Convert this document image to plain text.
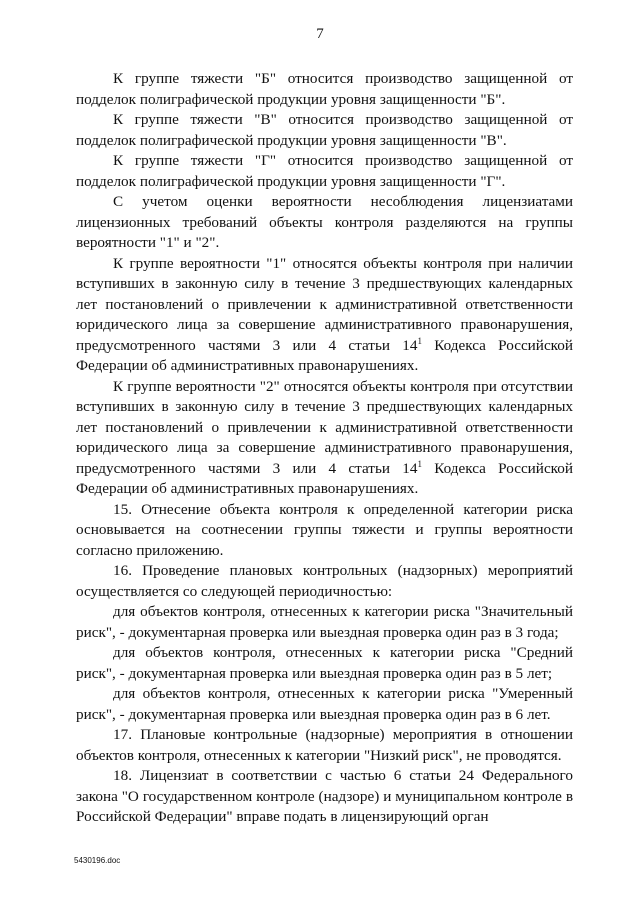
7

К группе тяжести "Б" относится производство защищенной от подделок полиграфической продукции уровня защищенности "Б".

К группе тяжести "В" относится производство защищенной от подделок полиграфической продукции уровня защищенности "В".

К группе тяжести "Г" относится производство защищенной от подделок полиграфической продукции уровня защищенности "Г".

С учетом оценки вероятности несоблюдения лицензиатами лицензионных требований объекты контроля разделяются на группы вероятности "1" и "2".

К группе вероятности "1" относятся объекты контроля при наличии вступивших в законную силу в течение 3 предшествующих календарных лет постановлений о привлечении к административной ответственности юридического лица за совершение административного правонарушения, предусмотренного частями 3 или 4 статьи $14^1$ Кодекса Российской Федерации об административных правонарушениях.

К группе вероятности "2" относятся объекты контроля при отсутствии вступивших в законную силу в течение 3 предшествующих календарных лет постановлений о привлечении к административной ответственности юридического лица за совершение административного правонарушения, предусмотренного частями 3 или 4 статьи $14^1$ Кодекса Российской Федерации об административных правонарушениях.

15. Отнесение объекта контроля к определенной категории риска основывается на соотнесении группы тяжести и группы вероятности согласно приложению.

16. Проведение плановых контрольных (надзорных) мероприятий осуществляется со следующей периодичностью:

для объектов контроля, отнесенных к категории риска "Значительный риск", - документарная проверка или выездная проверка один раз в 3 года;

для объектов контроля, отнесенных к категории риска "Средний риск", - документарная проверка или выездная проверка один раз в 5 лет;

для объектов контроля, отнесенных к категории риска "Умеренный риск", - документарная проверка или выездная проверка один раз в 6 лет.

17. Плановые контрольные (надзорные) мероприятия в отношении объектов контроля, отнесенных к категории "Низкий риск", не проводятся.

18. Лицензиат в соответствии с частью 6 статьи 24 Федерального закона "О государственном контроле (надзоре) и муниципальном контроле в Российской Федерации" вправе подать в лицензирующий орган

5430196.doc
